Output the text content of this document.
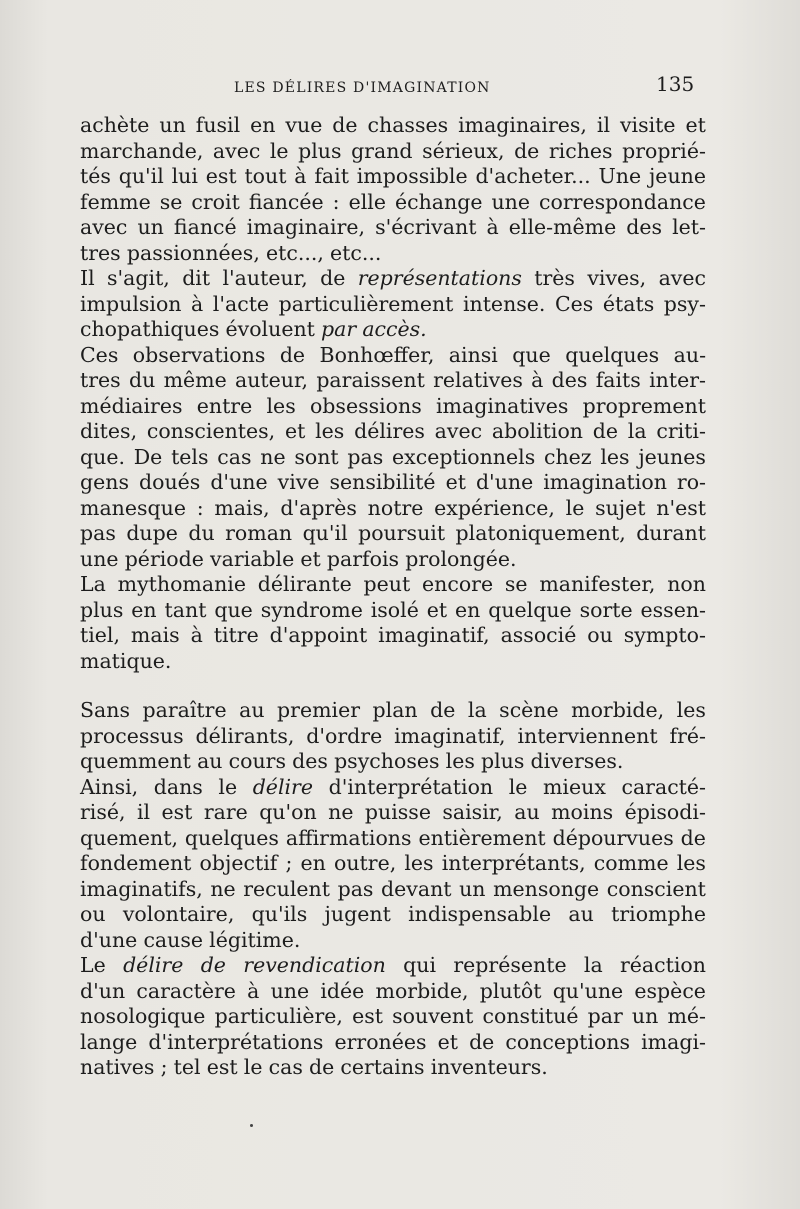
LES DÉLIRES D'IMAGINATION	135
achète un fusil en vue de chasses imaginaires, il visite et
marchande, avec le plus grand sérieux, de riches proprié-
tés qu'il lui est tout à fait impossible d'acheter... Une jeune
femme se croit fiancée : elle échange une correspondance
avec un fiancé imaginaire, s'écrivant à elle-même des let-
tres passionnées, etc..., etc...
Il s'agit, dit l'auteur, de représentations très vives, avec
impulsion à l'acte particulièrement intense. Ces états psy-
chopathiques évoluent par accès.
Ces observations de Bonhœffer, ainsi que quelques au-
tres du même auteur, paraissent relatives à des faits inter-
médiaires entre les obsessions imaginatives proprement
dites, conscientes, et les délires avec abolition de la criti-
que. De tels cas ne sont pas exceptionnels chez les jeunes
gens doués d'une vive sensibilité et d'une imagination ro-
manesque : mais, d'après notre expérience, le sujet n'est
pas dupe du roman qu'il poursuit platoniquement, durant
une période variable et parfois prolongée.
La mythomanie délirante peut encore se manifester, non
plus en tant que syndrome isolé et en quelque sorte essen-
tiel, mais à titre d'appoint imaginatif, associé ou sympto-
matique.
Sans paraître au premier plan de la scène morbide, les
processus délirants, d'ordre imaginatif, interviennent fré-
quemment au cours des psychoses les plus diverses.
Ainsi, dans le délire d'interprétation le mieux caracté-
risé, il est rare qu'on ne puisse saisir, au moins épisodi-
quement, quelques affirmations entièrement dépourvues de
fondement objectif ; en outre, les interprétants, comme les
imaginatifs, ne reculent pas devant un mensonge conscient
ou volontaire, qu'ils jugent indispensable au triomphe
d'une cause légitime.
Le délire de revendication qui représente la réaction
d'un caractère à une idée morbide, plutôt qu'une espèce
nosologique particulière, est souvent constitué par un mé-
lange d'interprétations erronées et de conceptions imagi-
natives ; tel est le cas de certains inventeurs.
